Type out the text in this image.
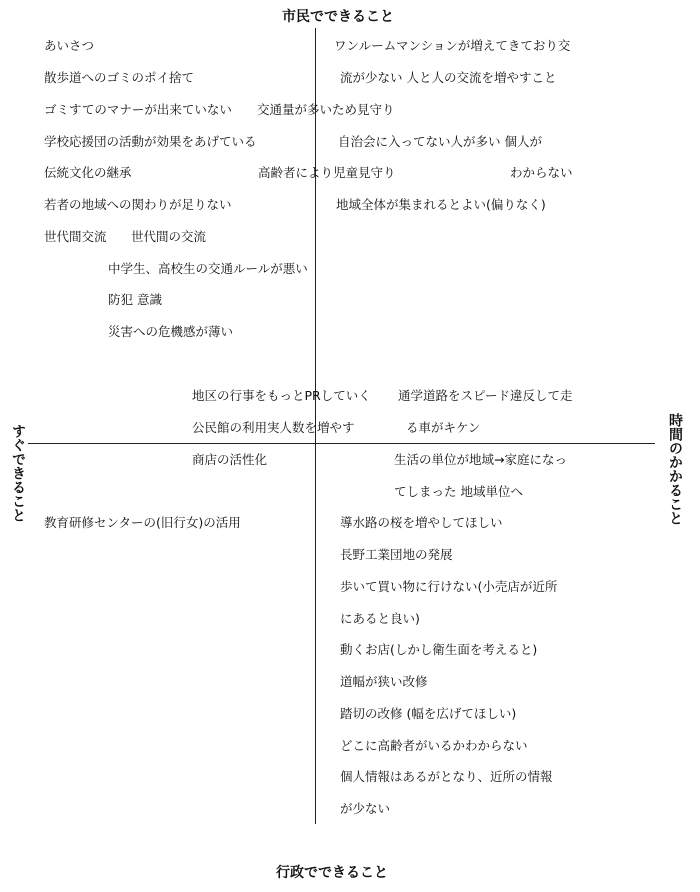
市民でできること
行政でできること
すぐできること	時間のかかること
あいさつ
散歩道へのゴミのポイ捨て
ゴミすてのマナーが出来ていない 交通量が多いため見守り
学校応援団の活動が効果をあげている
伝統文化の継承	高齢者により児童見守り
若者の地域への関わりが足りない
世代間交流 世代間の交流
中学生、高校生の交通ルールが悪い
防犯 意識
災害への危機感が薄い
ワンルームマンションが増えてきており交
流が少ない 人と人の交流を増やすこと
自治会に入ってない人が多い 個人が
わからない
地域全体が集まれるとよい(偏りなく)
地区の行事をもっとPRしていく
公民館の利用実人数を増やす
商店の活性化
教育研修センターの(旧行女)の活用
通学道路をスピード違反して走
る車がキケン
生活の単位が地域→家庭になっ
てしまった 地域単位へ
導水路の桜を増やしてほしい
長野工業団地の発展
歩いて買い物に行けない(小売店が近所
にあると良い)
動くお店(しかし衛生面を考えると)
道幅が狭い改修
踏切の改修 (幅を広げてほしい)
どこに高齢者がいるかわからない
個人情報はあるがとなり、近所の情報
が少ない
